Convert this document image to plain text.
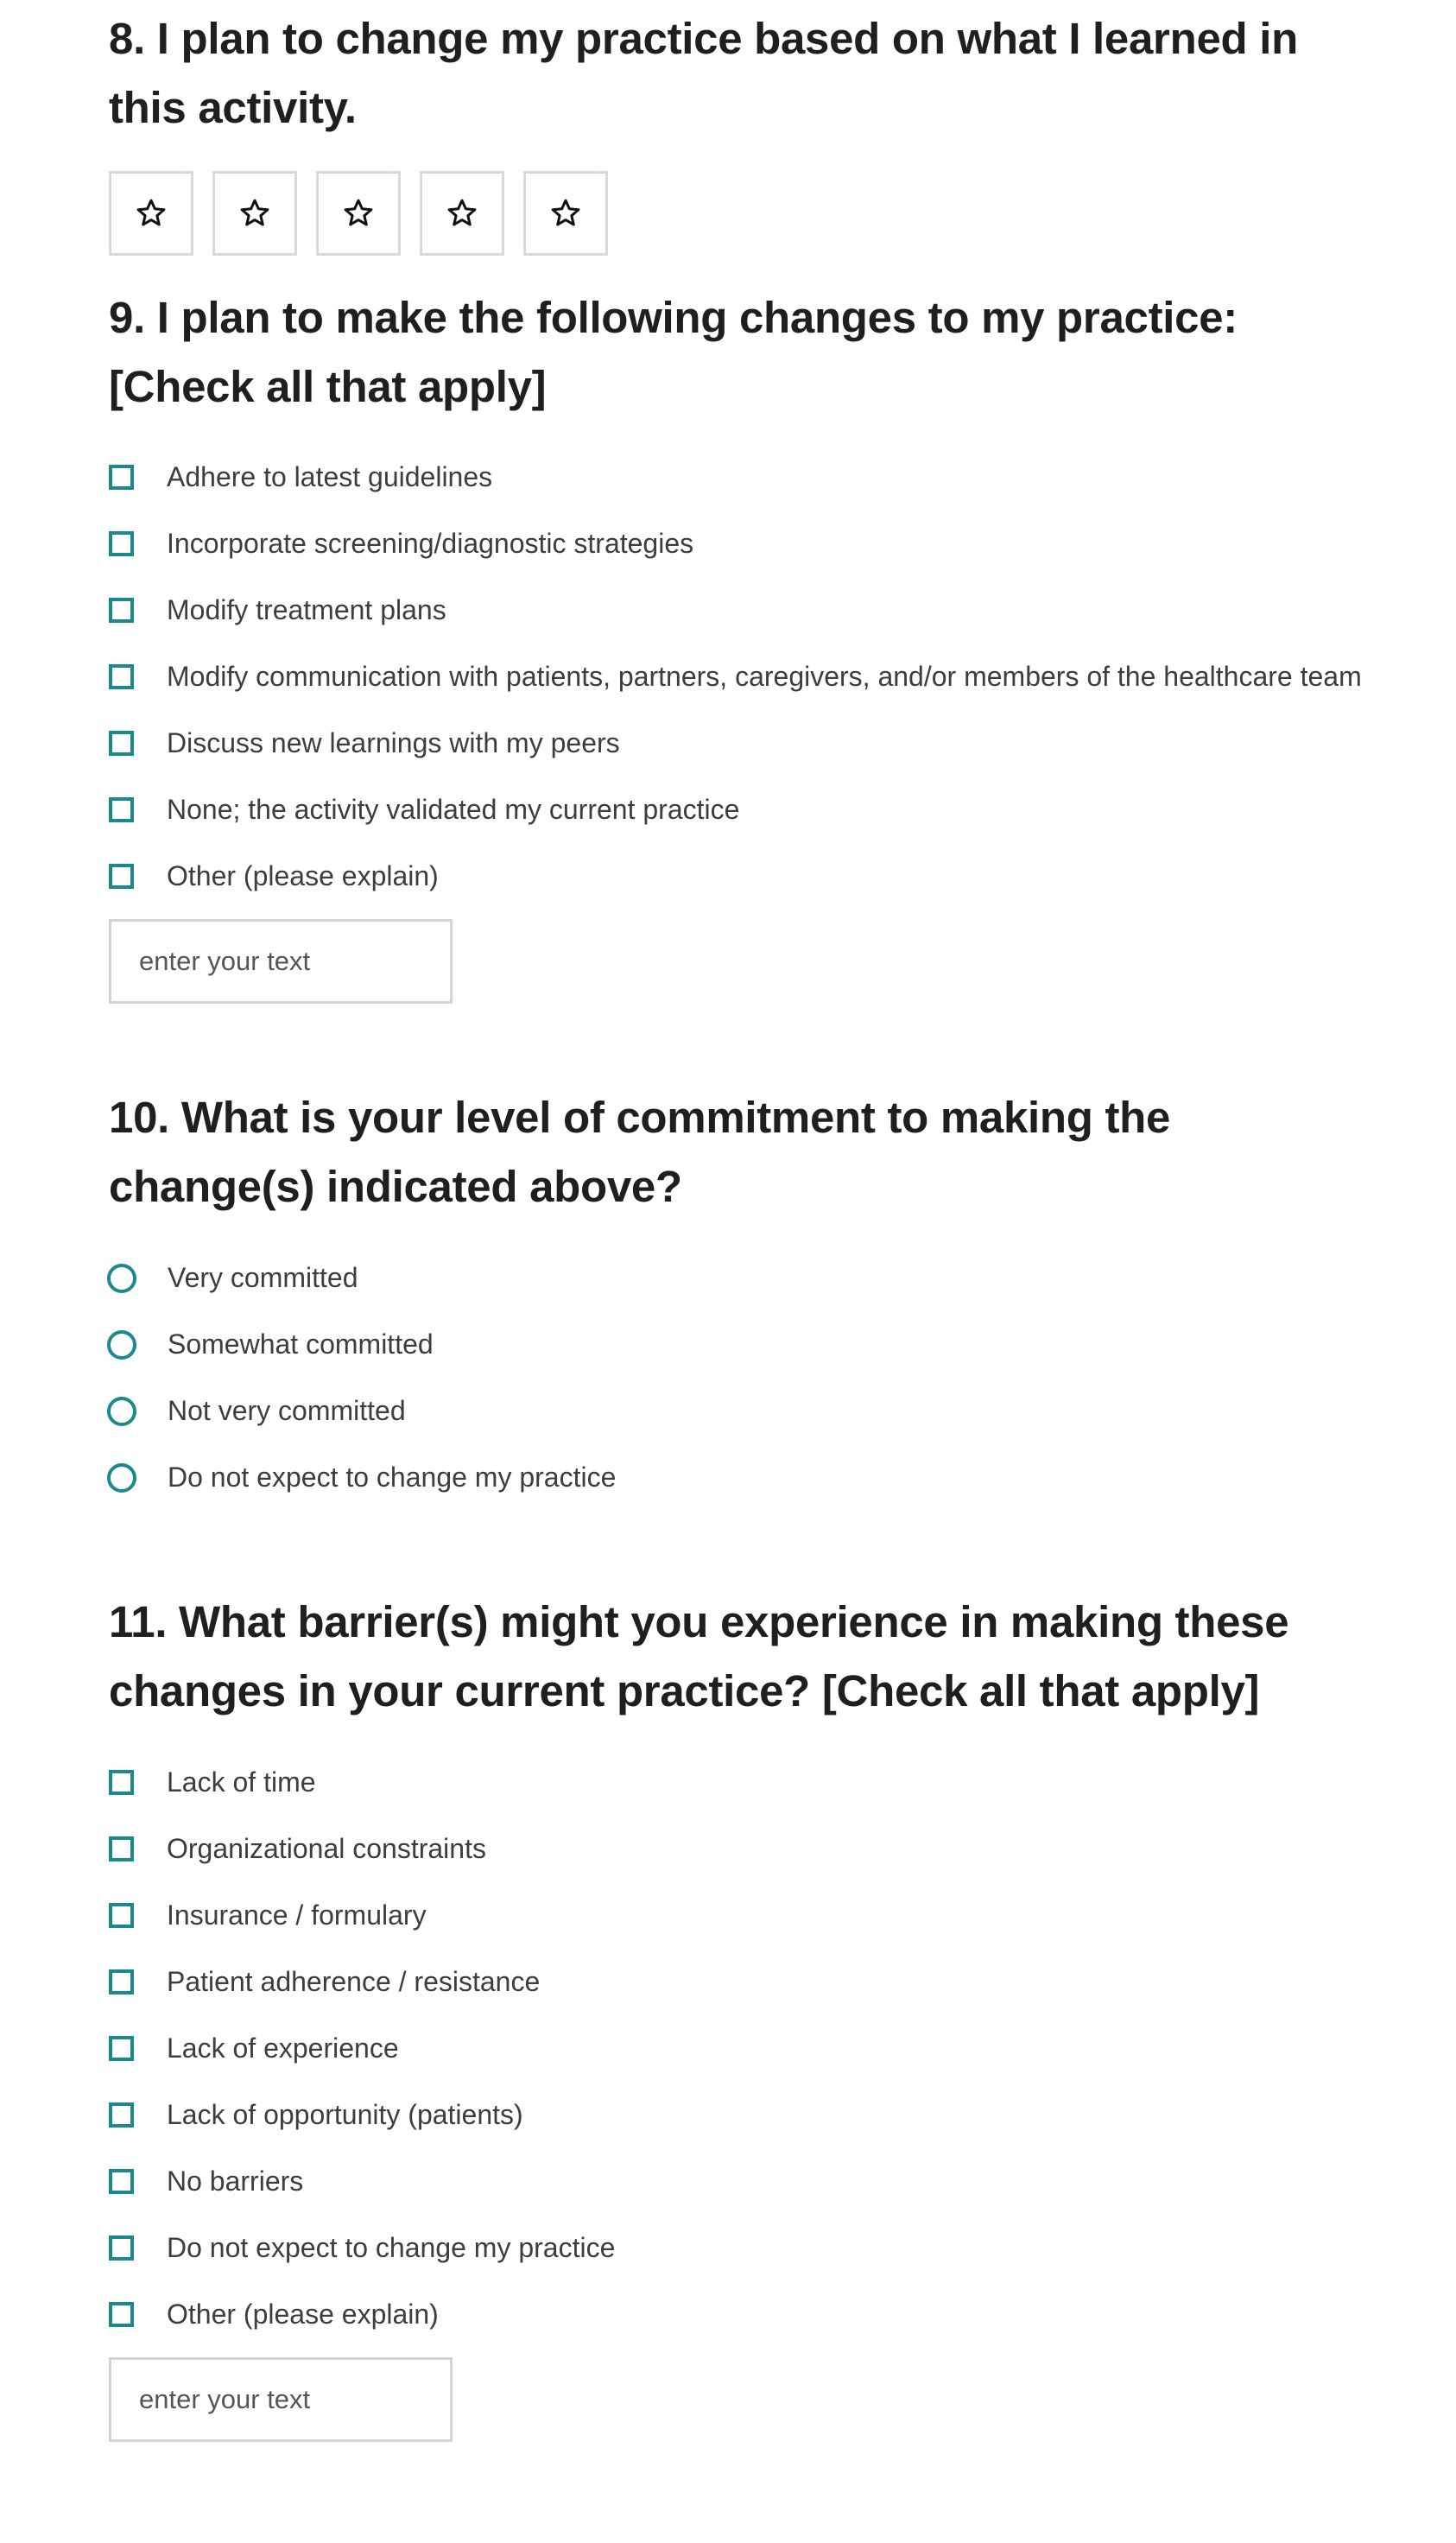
8. I plan to change my practice based on what I learned in this activity.
9. I plan to make the following changes to my practice: [Check all that apply]
Adhere to latest guidelines
Incorporate screening/diagnostic strategies
Modify treatment plans
Modify communication with patients, partners, caregivers, and/or members of the healthcare team
Discuss new learnings with my peers
None; the activity validated my current practice
Other (please explain)
enter your text
10. What is your level of commitment to making the change(s) indicated above?
Very committed
Somewhat committed
Not very committed
Do not expect to change my practice
11. What barrier(s) might you experience in making these changes in your current practice? [Check all that apply]
Lack of time
Organizational constraints
Insurance / formulary
Patient adherence / resistance
Lack of experience
Lack of opportunity (patients)
No barriers
Do not expect to change my practice
Other (please explain)
enter your text
